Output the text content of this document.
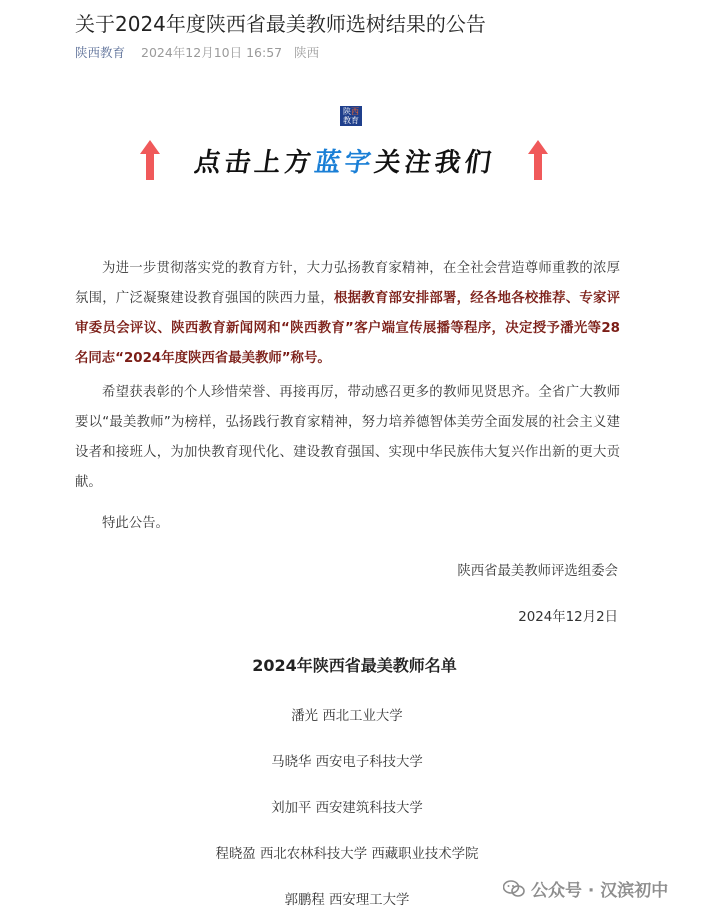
关于2024年度陕西省最美教师选树结果的公告
陕西教育 2024年12月10日 16:57 陕西
陕西
教育
点击上方蓝字关注我们

为进一步贯彻落实党的教育方针，大力弘扬教育家精神，在全社会营造尊师重教的浓厚氛围，广泛凝聚建设教育强国的陕西力量，根据教育部安排部署，经各地各校推荐、专家评审委员会评议、陕西教育新闻网和“陕西教育”客户端宣传展播等程序，决定授予潘光等28名同志“2024年度陕西省最美教师”称号。

希望获表彰的个人珍惜荣誉、再接再厉，带动感召更多的教师见贤思齐。全省广大教师要以“最美教师”为榜样，弘扬践行教育家精神，努力培养德智体美劳全面发展的社会主义建设者和接班人，为加快教育现代化、建设教育强国、实现中华民族伟大复兴作出新的更大贡献。

特此公告。

陕西省最美教师评选组委会
2024年12月2日
2024年陕西省最美教师名单
潘光 西北工业大学
马晓华 西安电子科技大学
刘加平 西安建筑科技大学
程晓盈 西北农林科技大学 西藏职业技术学院
郭鹏程 西安理工大学	公众号 · 汉滨初中
